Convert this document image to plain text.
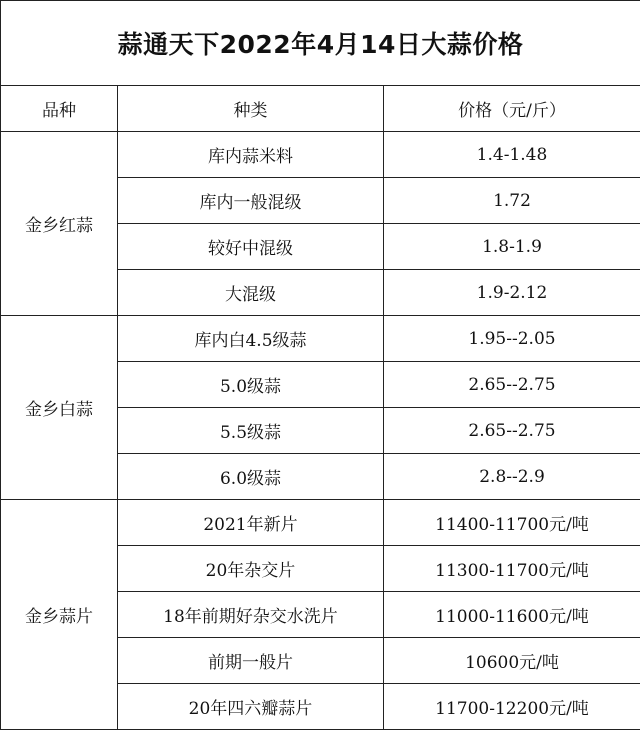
蒜通天下2022年4月14日大蒜价格		
品种	种类	价格（元/斤）
金乡红蒜	库内蒜米料	1.4-1.48
	库内一般混级	1.72
	较好中混级	1.8-1.9
	大混级	1.9-2.12
金乡白蒜	库内白4.5级蒜	1.95--2.05
	5.0级蒜	2.65--2.75
	5.5级蒜	2.65--2.75
	6.0级蒜	2.8--2.9
金乡蒜片	2021年新片	11400-11700元/吨
	20年杂交片	11300-11700元/吨
	18年前期好杂交水洗片	11000-11600元/吨
	前期一般片	10600元/吨
	20年四六瓣蒜片	11700-12200元/吨
